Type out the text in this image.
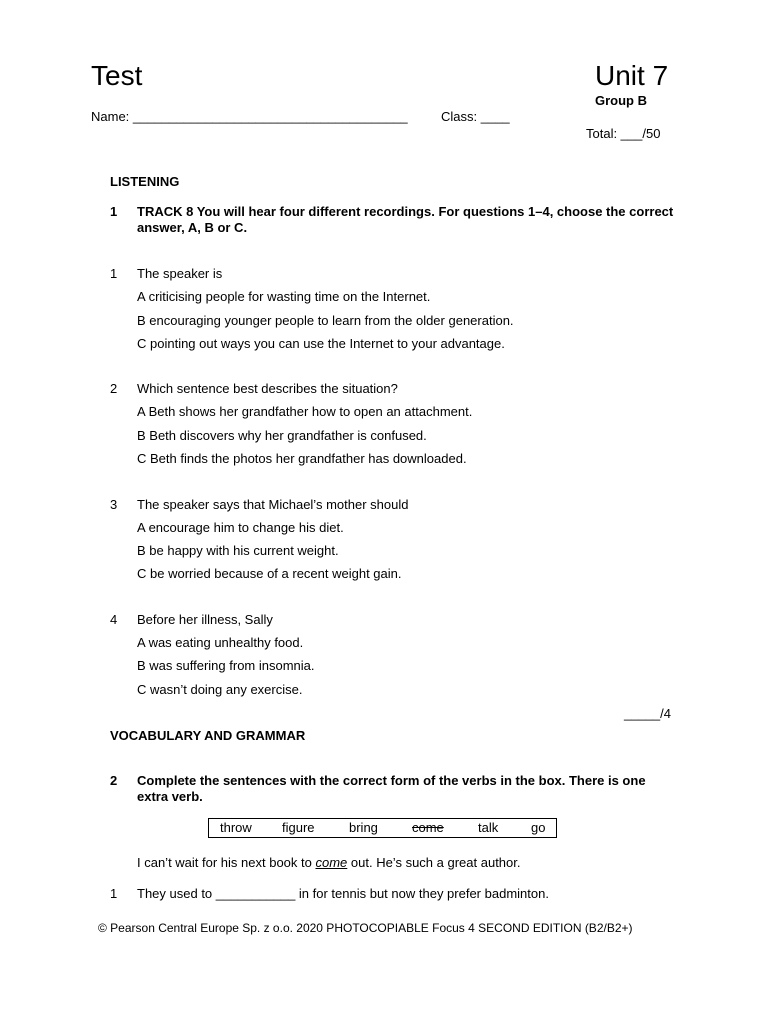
Test	Unit 7
Group B
Name: ______________________________________	Class: ____
Total: ___/50
LISTENING
1 TRACK 8 You will hear four different recordings. For questions 1–4, choose the correct answer, A, B or C.
1 The speaker is
A criticising people for wasting time on the Internet.
B encouraging younger people to learn from the older generation.
C pointing out ways you can use the Internet to your advantage.
2 Which sentence best describes the situation?
A Beth shows her grandfather how to open an attachment.
B Beth discovers why her grandfather is confused.
C Beth finds the photos her grandfather has downloaded.
3 The speaker says that Michael’s mother should
A encourage him to change his diet.
B be happy with his current weight.
C be worried because of a recent weight gain.
4 Before her illness, Sally
A was eating unhealthy food.
B was suffering from insomnia.
C wasn’t doing any exercise.
_____/4
VOCABULARY AND GRAMMAR
2 Complete the sentences with the correct form of the verbs in the box. There is one extra verb.
throw figure	bring	come	talk	go
I can’t wait for his next book to come out. He’s such a great author.
1 They used to ___________ in for tennis but now they prefer badminton.
© Pearson Central Europe Sp. z o.o. 2020 PHOTOCOPIABLE Focus 4 SECOND EDITION (B2/B2+)
